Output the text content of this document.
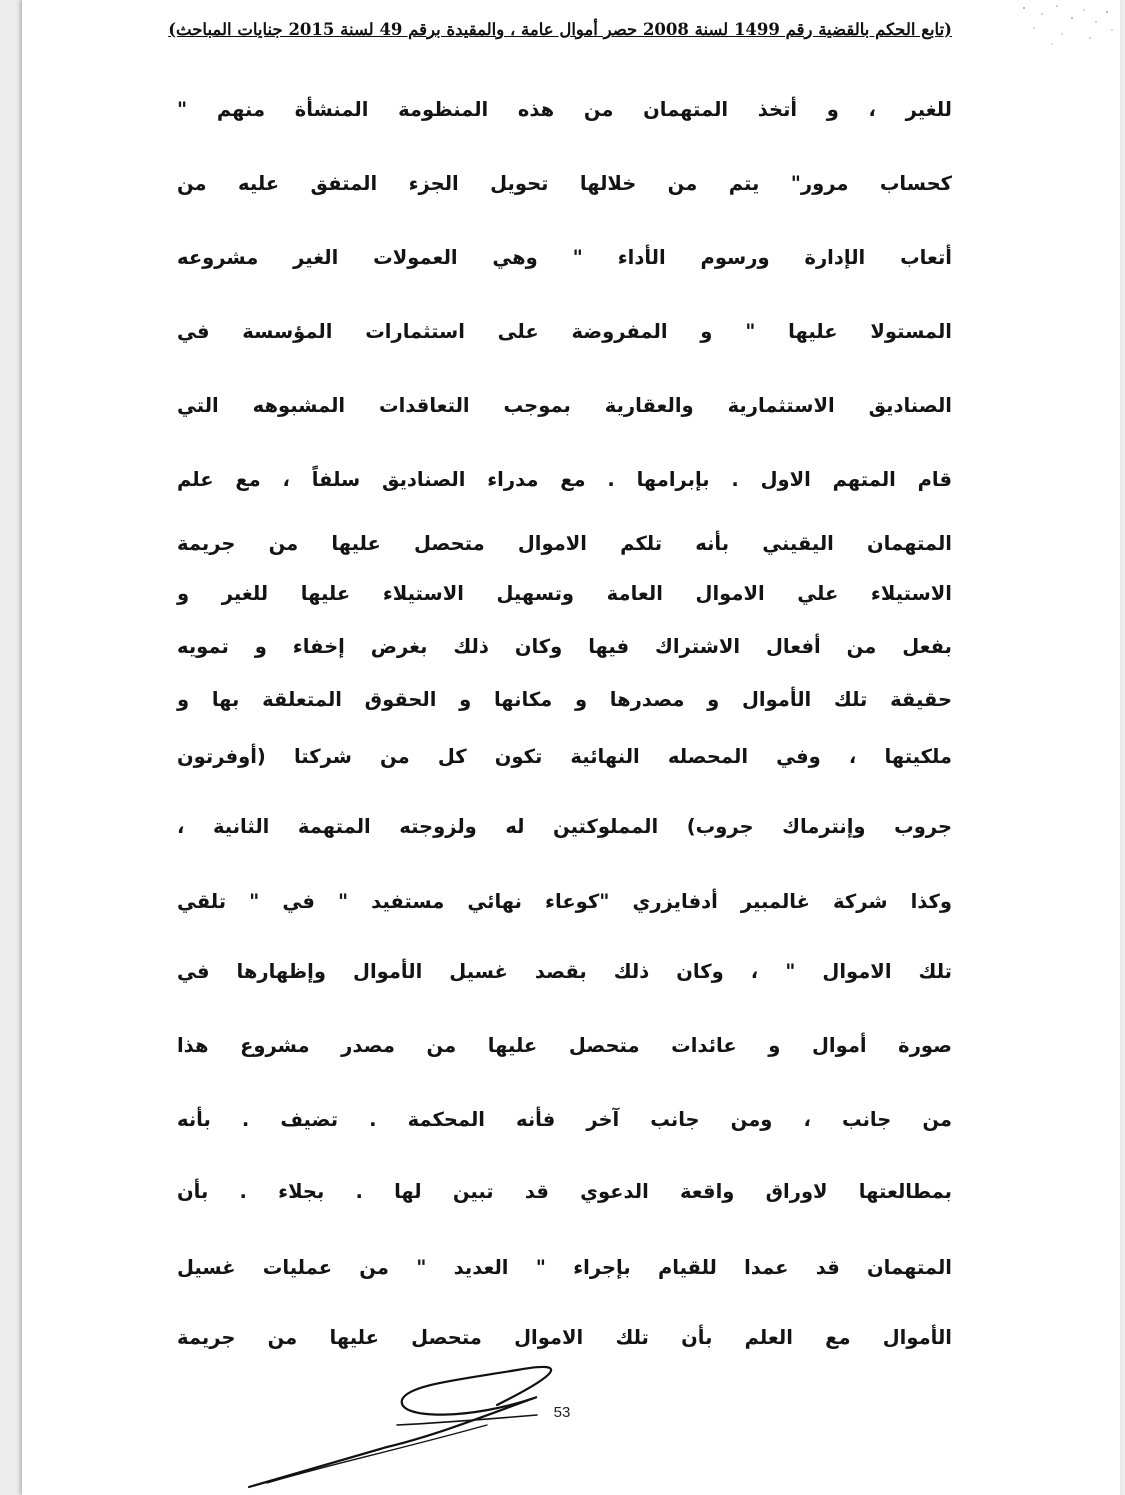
(تابع الحكم بالقضية رقم 1499 لسنة 2008 حصر أموال عامة ، والمقيدة برقم 49 لسنة 2015 جنايات المباحث)
للغير ، و أتخذ المتهمان من هذه المنظومة المنشأة منهم "
كحساب مرور" يتم من خلالها تحويل الجزء المتفق عليه من
أتعاب الإدارة ورسوم الأداء " وهي العمولات الغير مشروعه
المستولا عليها " و المفروضة على استثمارات المؤسسة في
الصناديق الاستثمارية والعقارية بموجب التعاقدات المشبوهه التي
قام المتهم الاول . بإبرامها . مع مدراء الصناديق سلفاً ، مع علم
المتهمان اليقيني بأنه تلكم الاموال متحصل عليها من جريمة
الاستيلاء علي الاموال العامة وتسهيل الاستيلاء عليها للغير و
بفعل من أفعال الاشتراك فيها وكان ذلك بغرض إخفاء و تمويه
حقيقة تلك الأموال و مصدرها و مكانها و الحقوق المتعلقة بها و
ملكيتها ، وفي المحصله النهائية تكون كل من شركتا (أوفرتون
جروب وإنترماك جروب) المملوكتين له ولزوجته المتهمة الثانية ،
وكذا شركة غالمبير أدفايزري "كوعاء نهائي مستفيد " في " تلقي
تلك الاموال " ، وكان ذلك بقصد غسيل الأموال وإظهارها في
صورة أموال و عائدات متحصل عليها من مصدر مشروع هذا
من جانب ، ومن جانب آخر فأنه المحكمة . تضيف . بأنه
بمطالعتها لاوراق واقعة الدعوي قد تبين لها . بجلاء . بأن
المتهمان قد عمدا للقيام بإجراء " العديد " من عمليات غسيل
الأموال مع العلم بأن تلك الاموال متحصل عليها من جريمة
53
